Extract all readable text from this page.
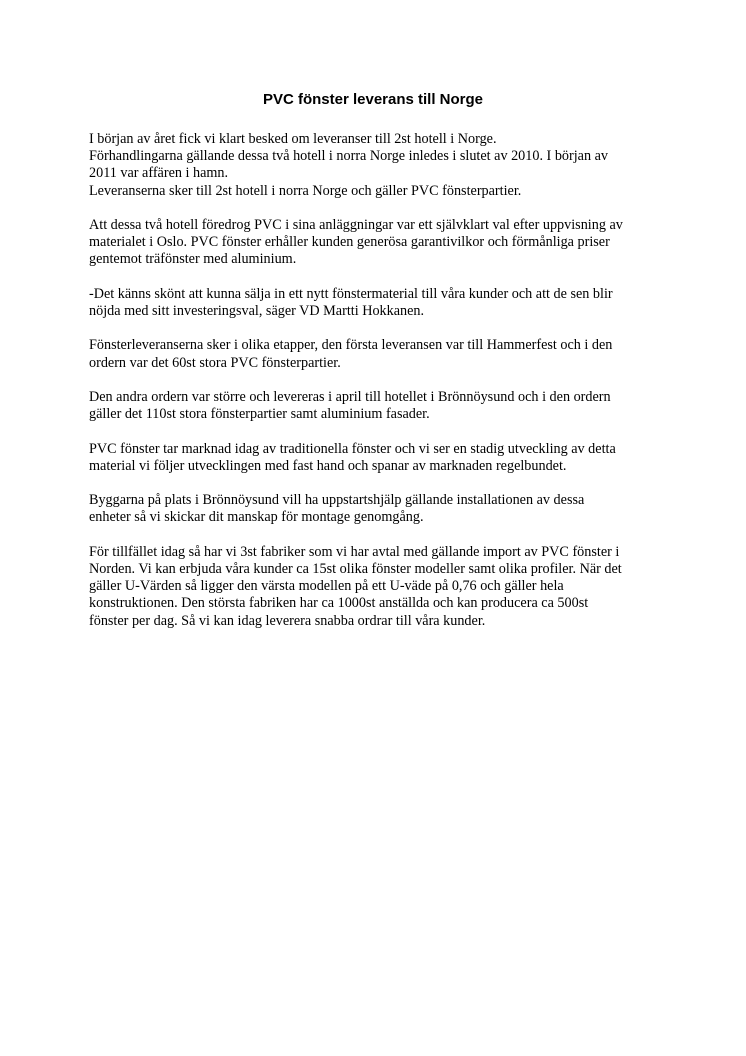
PVC fönster leverans till Norge

I början av året fick vi klart besked om leveranser till 2st hotell i Norge.
Förhandlingarna gällande dessa två hotell i norra Norge inledes i slutet av 2010. I början av
2011 var affären i hamn.
Leveranserna sker till 2st hotell i norra Norge och gäller PVC fönsterpartier.

Att dessa två hotell föredrog PVC i sina anläggningar var ett självklart val efter uppvisning av
materialet i Oslo. PVC fönster erhåller kunden generösa garantivilkor och förmånliga priser
gentemot träfönster med aluminium.

-Det känns skönt att kunna sälja in ett nytt fönstermaterial till våra kunder och att de sen blir
nöjda med sitt investeringsval, säger VD Martti Hokkanen.

Fönsterleveranserna sker i olika etapper, den första leveransen var till Hammerfest och i den
ordern var det 60st stora PVC fönsterpartier.

Den andra ordern var större och levereras i april till hotellet i Brönnöysund och i den ordern
gäller det 110st stora fönsterpartier samt aluminium fasader.

PVC fönster tar marknad idag av traditionella fönster och vi ser en stadig utveckling av detta
material vi följer utvecklingen med fast hand och spanar av marknaden regelbundet.

Byggarna på plats i Brönnöysund vill ha uppstartshjälp gällande installationen av dessa
enheter så vi skickar dit manskap för montage genomgång.

För tillfället idag så har vi 3st fabriker som vi har avtal med gällande import av PVC fönster i
Norden. Vi kan erbjuda våra kunder ca 15st olika fönster modeller samt olika profiler. När det
gäller U-Värden så ligger den värsta modellen på ett U-väde på 0,76 och gäller hela
konstruktionen. Den största fabriken har ca 1000st anställda och kan producera ca 500st
fönster per dag. Så vi kan idag leverera snabba ordrar till våra kunder.
